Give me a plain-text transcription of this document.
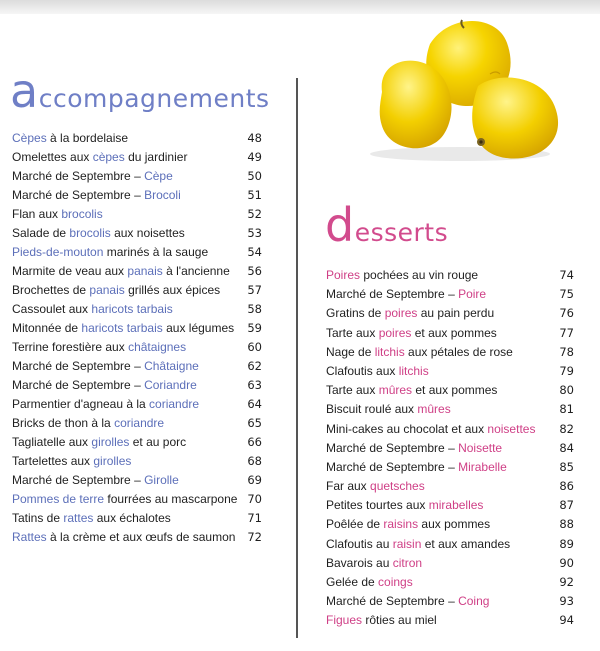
accompagnements
Cèpes à la bordelaise	48
Omelettes aux cèpes du jardinier	49
Marché de Septembre – Cèpe	50
Marché de Septembre – Brocoli	51
Flan aux brocolis	52
Salade de brocolis aux noisettes	53
Pieds-de-mouton marinés à la sauge	54
Marmite de veau aux panais à l'ancienne 56
Brochettes de panais grillés aux épices 57
Cassoulet aux haricots tarbais	58
Mitonnée de haricots tarbais aux légumes 59
Terrine forestière aux châtaignes	60
Marché de Septembre – Châtaigne	62
Marché de Septembre – Coriandre	63
Parmentier d'agneau à la coriandre	64
Bricks de thon à la coriandre	65
Tagliatelle aux girolles et au porc	66
Tartelettes aux girolles	68
Marché de Septembre – Girolle	69
Pommes de terre fourrées au mascarpone 70
Tatins de rattes aux échalotes	71
Rattes à la crème et aux œufs de saumon 72
desserts
Poires pochées au vin rouge	74
Marché de Septembre – Poire	75
Gratins de poires au pain perdu	76
Tarte aux poires et aux pommes	77
Nage de litchis aux pétales de rose	78
Clafoutis aux litchis	79
Tarte aux mûres et aux pommes	80
Biscuit roulé aux mûres	81
Mini-cakes au chocolat et aux noisettes 82
Marché de Septembre – Noisette	84
Marché de Septembre – Mirabelle	85
Far aux quetsches	86
Petites tourtes aux mirabelles	87
Poêlée de raisins aux pommes	88
Clafoutis au raisin et aux amandes	89
Bavarois au citron	90
Gelée de coings	92
Marché de Septembre – Coing	93
Figues rôties au miel	94
